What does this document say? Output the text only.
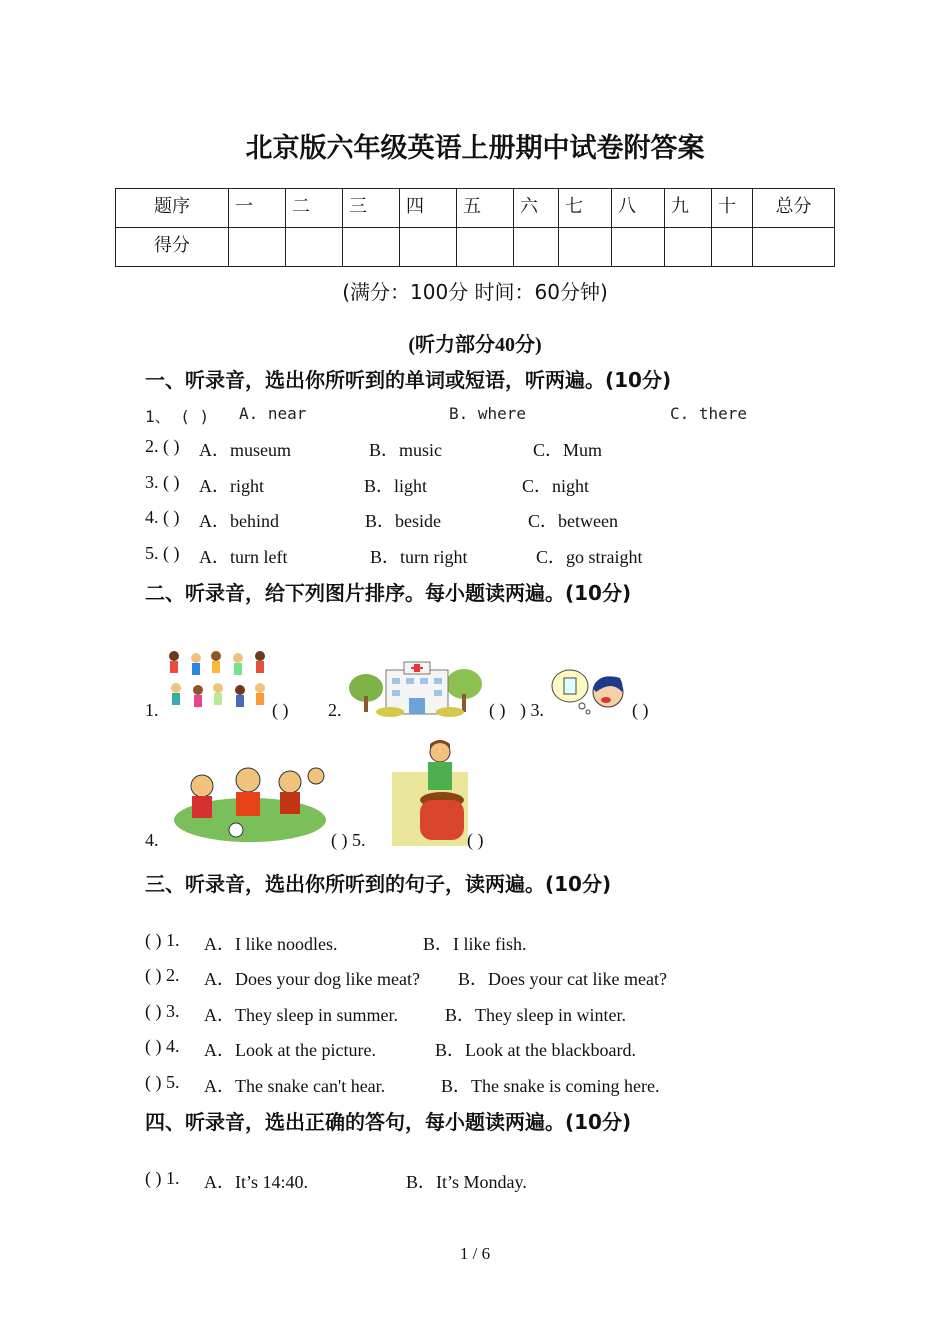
北京版六年级英语上册期中试卷附答案
题序	一	二	三	四	五	六	七	八	九	十	总分
得分											
(满分：100分 时间：60分钟)
(听力部分40分)
一、听录音，选出你所听到的单词或短语，听两遍。(10分)
1、 ( ) A. near	B. where	C. there
2. ( ) A．museum	B．music	C．Mum
3. ( ) A．right	B．light	C．night
4. ( ) A．behind	B．beside	C．between
5. ( ) A．turn left	B．turn right	C．go straight
二、听录音，给下列图片排序。每小题读两遍。(10分)
1.	( ) 2.	( ) ) 3.	( )
4.	( ) 5.	( )
三、听录音，选出你所听到的句子，读两遍。(10分)
( ) 1. A．I like noodles.	B．I like fish.
( ) 2. A．Does your dog like meat? B．Does your cat like meat?
( ) 3. A．They sleep in summer.	B．They sleep in winter.
( ) 4. A．Look at the picture.	B．Look at the blackboard.
( ) 5. A．The snake can't hear.	B．The snake is coming here.
四、听录音，选出正确的答句，每小题读两遍。(10分)
( ) 1. A．It’s 14:40.	B．It’s Monday.
1 / 6
